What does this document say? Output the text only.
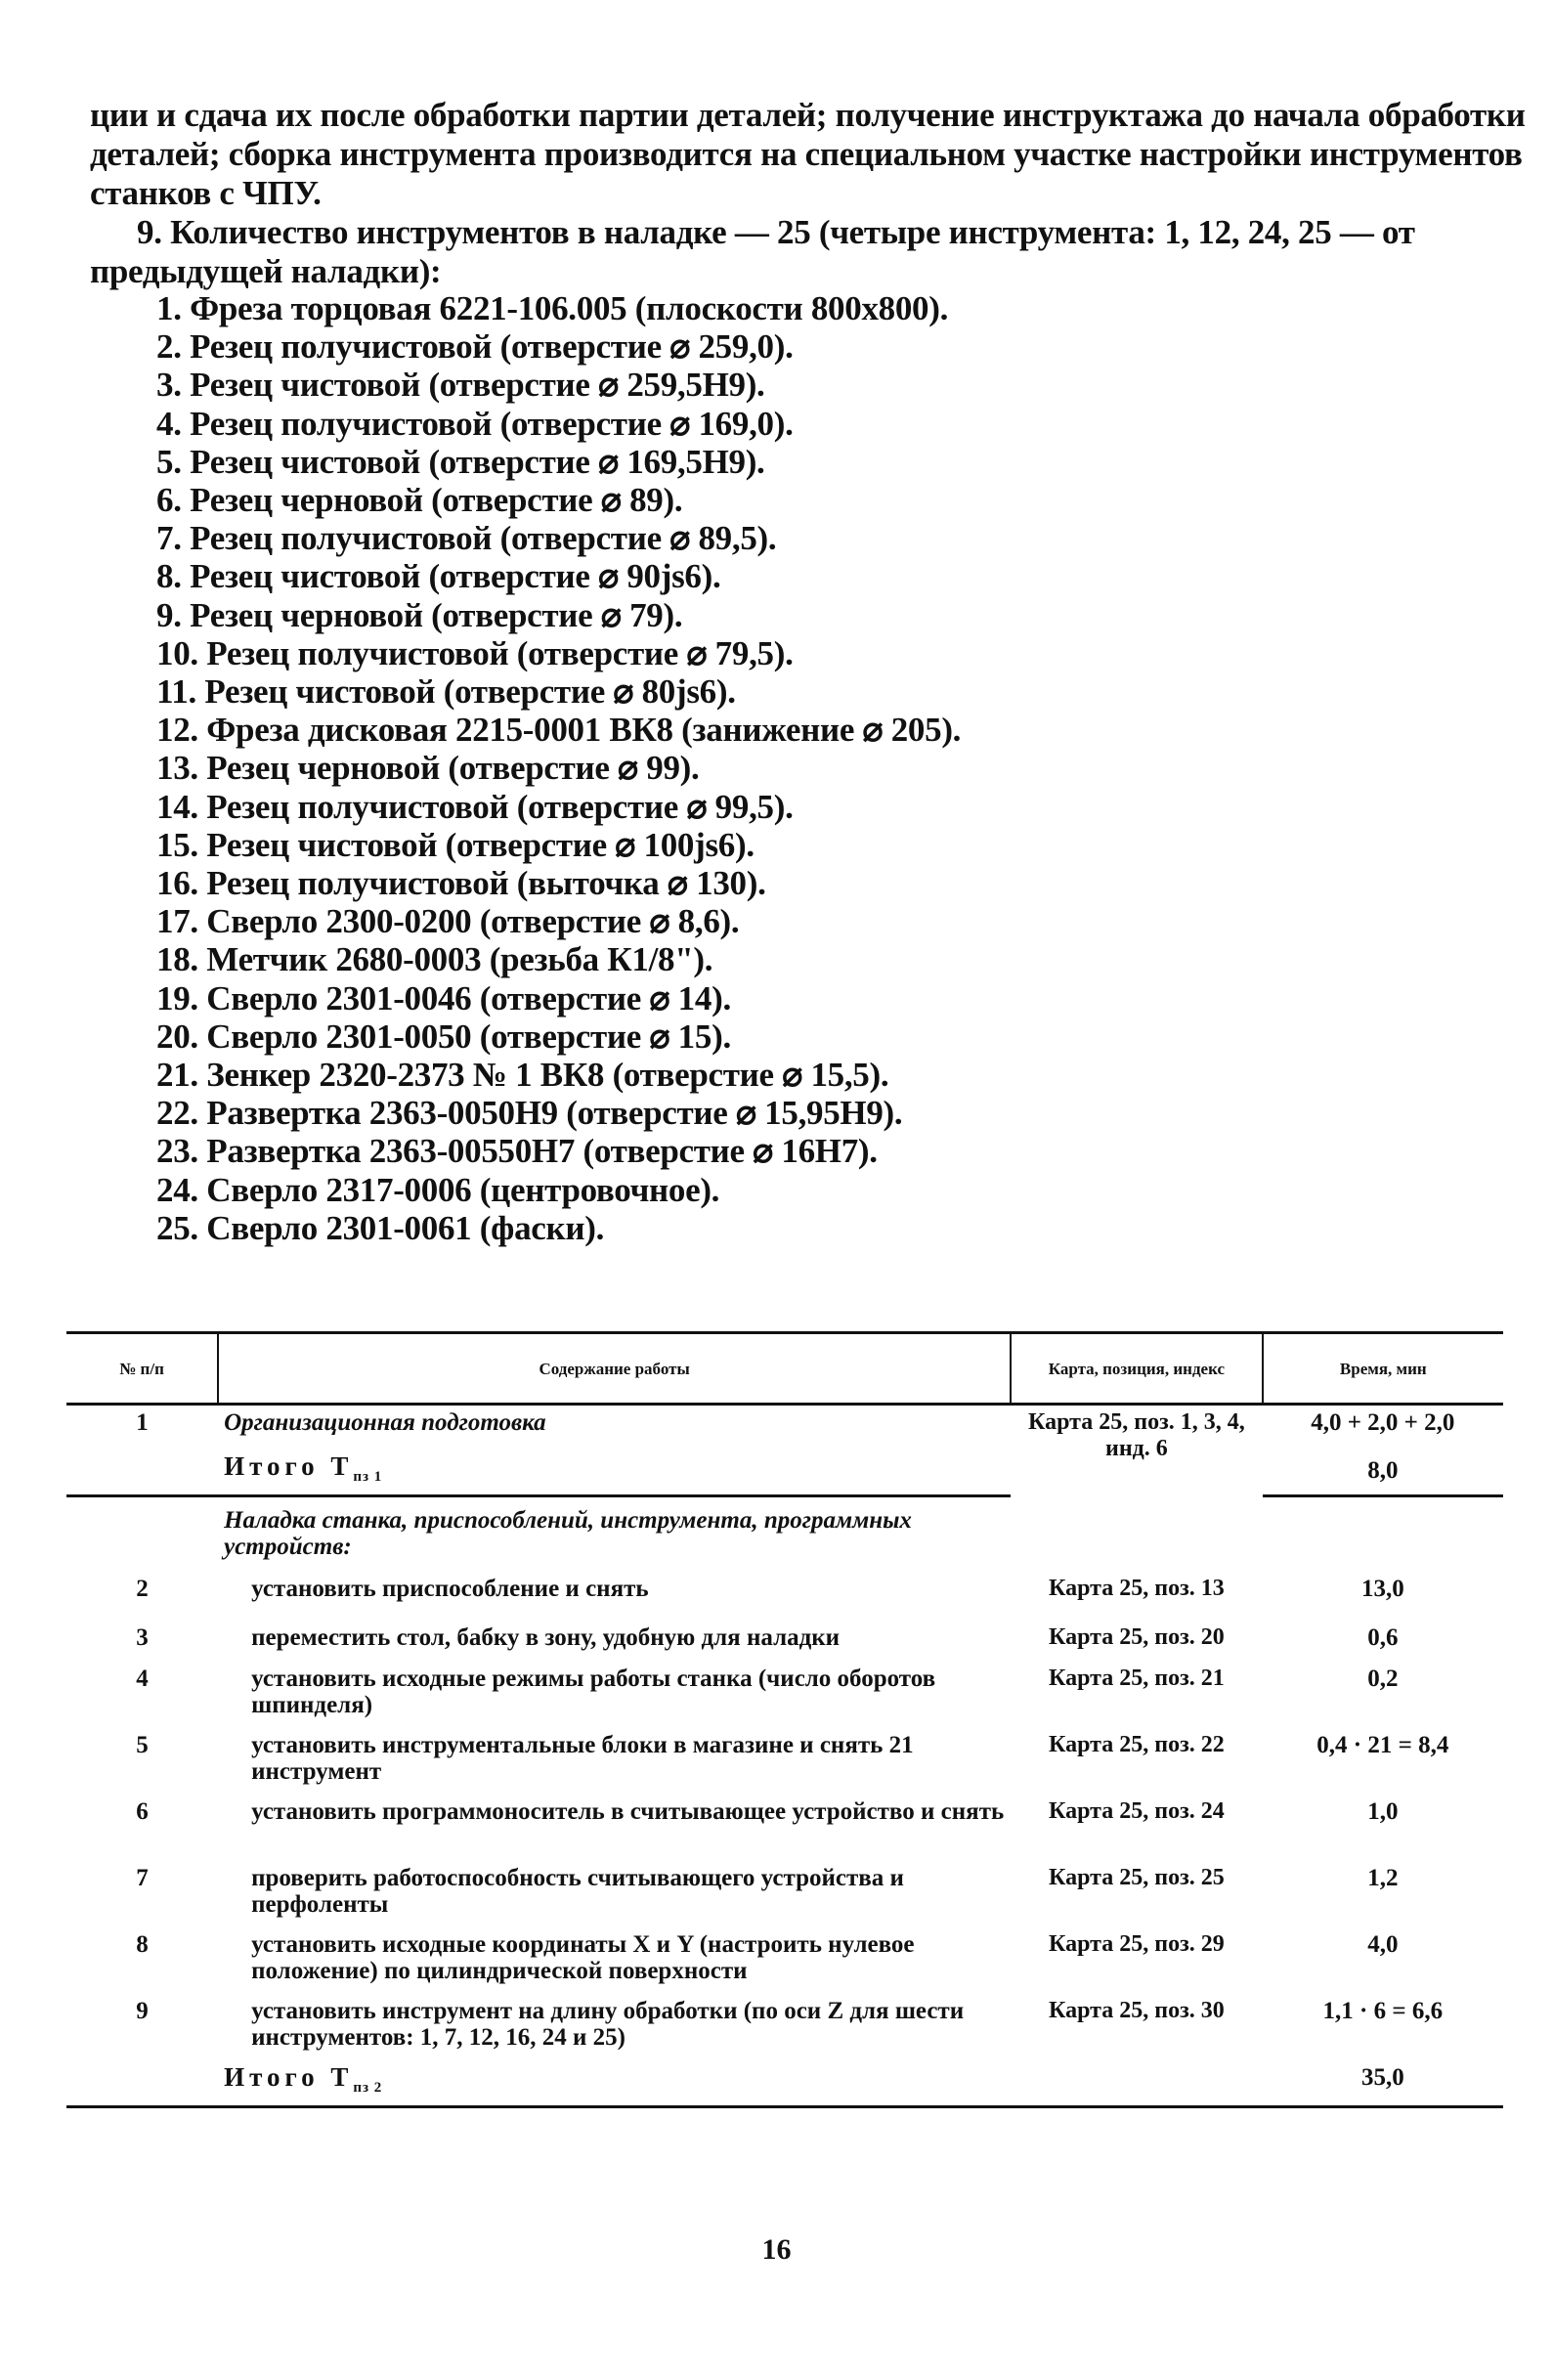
ции и сдача их после обработки партии деталей; получение инструктажа до начала обработки деталей; сборка инструмента производится на специальном участке настройки инструментов станков с ЧПУ.

9. Количество инструментов в наладке — 25 (четыре инструмента: 1, 12, 24, 25 — от предыдущей наладки):

1. Фреза торцовая 6221-106.005 (плоскости 800x800).
2. Резец получистовой (отверстие ⌀ 259,0).
3. Резец чистовой (отверстие ⌀ 259,5H9).
4. Резец получистовой (отверстие ⌀ 169,0).
5. Резец чистовой (отверстие ⌀ 169,5H9).
6. Резец черновой (отверстие ⌀ 89).
7. Резец получистовой (отверстие ⌀ 89,5).
8. Резец чистовой (отверстие ⌀ 90js6).
9. Резец черновой (отверстие ⌀ 79).
10. Резец получистовой (отверстие ⌀ 79,5).
11. Резец чистовой (отверстие ⌀ 80js6).
12. Фреза дисковая 2215-0001 ВК8 (занижение ⌀ 205).
13. Резец черновой (отверстие ⌀ 99).
14. Резец получистовой (отверстие ⌀ 99,5).
15. Резец чистовой (отверстие ⌀ 100js6).
16. Резец получистовой (выточка ⌀ 130).
17. Сверло 2300-0200 (отверстие ⌀ 8,6).
18. Метчик 2680-0003 (резьба К1/8").
19. Сверло 2301-0046 (отверстие ⌀ 14).
20. Сверло 2301-0050 (отверстие ⌀ 15).
21. Зенкер 2320-2373 № 1 ВК8 (отверстие ⌀ 15,5).
22. Развертка 2363-0050H9 (отверстие ⌀ 15,95H9).
23. Развертка 2363-00550H7 (отверстие ⌀ 16H7).
24. Сверло 2317-0006 (центровочное).
25. Сверло 2301-0061 (фаски).
№ п/п	Содержание работы	Карта, позиция, индекс	Время, мин
1	Организационная подготовка	Карта 25, поз. 1, 3, 4, инд. 6	4,0 + 2,0 + 2,0
	Итого $T_{пз 1}$		8,0
	Наладка станка, приспособлений, инструмента, программных устройств:		
2	установить приспособление и снять	Карта 25, поз. 13	13,0
3	переместить стол, бабку в зону, удобную для наладки	Карта 25, поз. 20	0,6
4	установить исходные режимы работы станка (число оборотов шпинделя)	Карта 25, поз. 21	0,2
5	установить инструментальные блоки в магазине и снять 21 инструмент	Карта 25, поз. 22	0,4 · 21 = 8,4
6	установить программоноситель в считывающее устройство и снять	Карта 25, поз. 24	1,0
7	проверить работоспособность считывающего устройства и перфоленты	Карта 25, поз. 25	1,2
8	установить исходные координаты X и Y (настроить нулевое положение) по цилиндрической поверхности	Карта 25, поз. 29	4,0
9	установить инструмент на длину обработки (по оси Z для шести инструментов: 1, 7, 12, 16, 24 и 25)	Карта 25, поз. 30	1,1 · 6 = 6,6
	Итого $T_{пз 2}$		35,0
16
